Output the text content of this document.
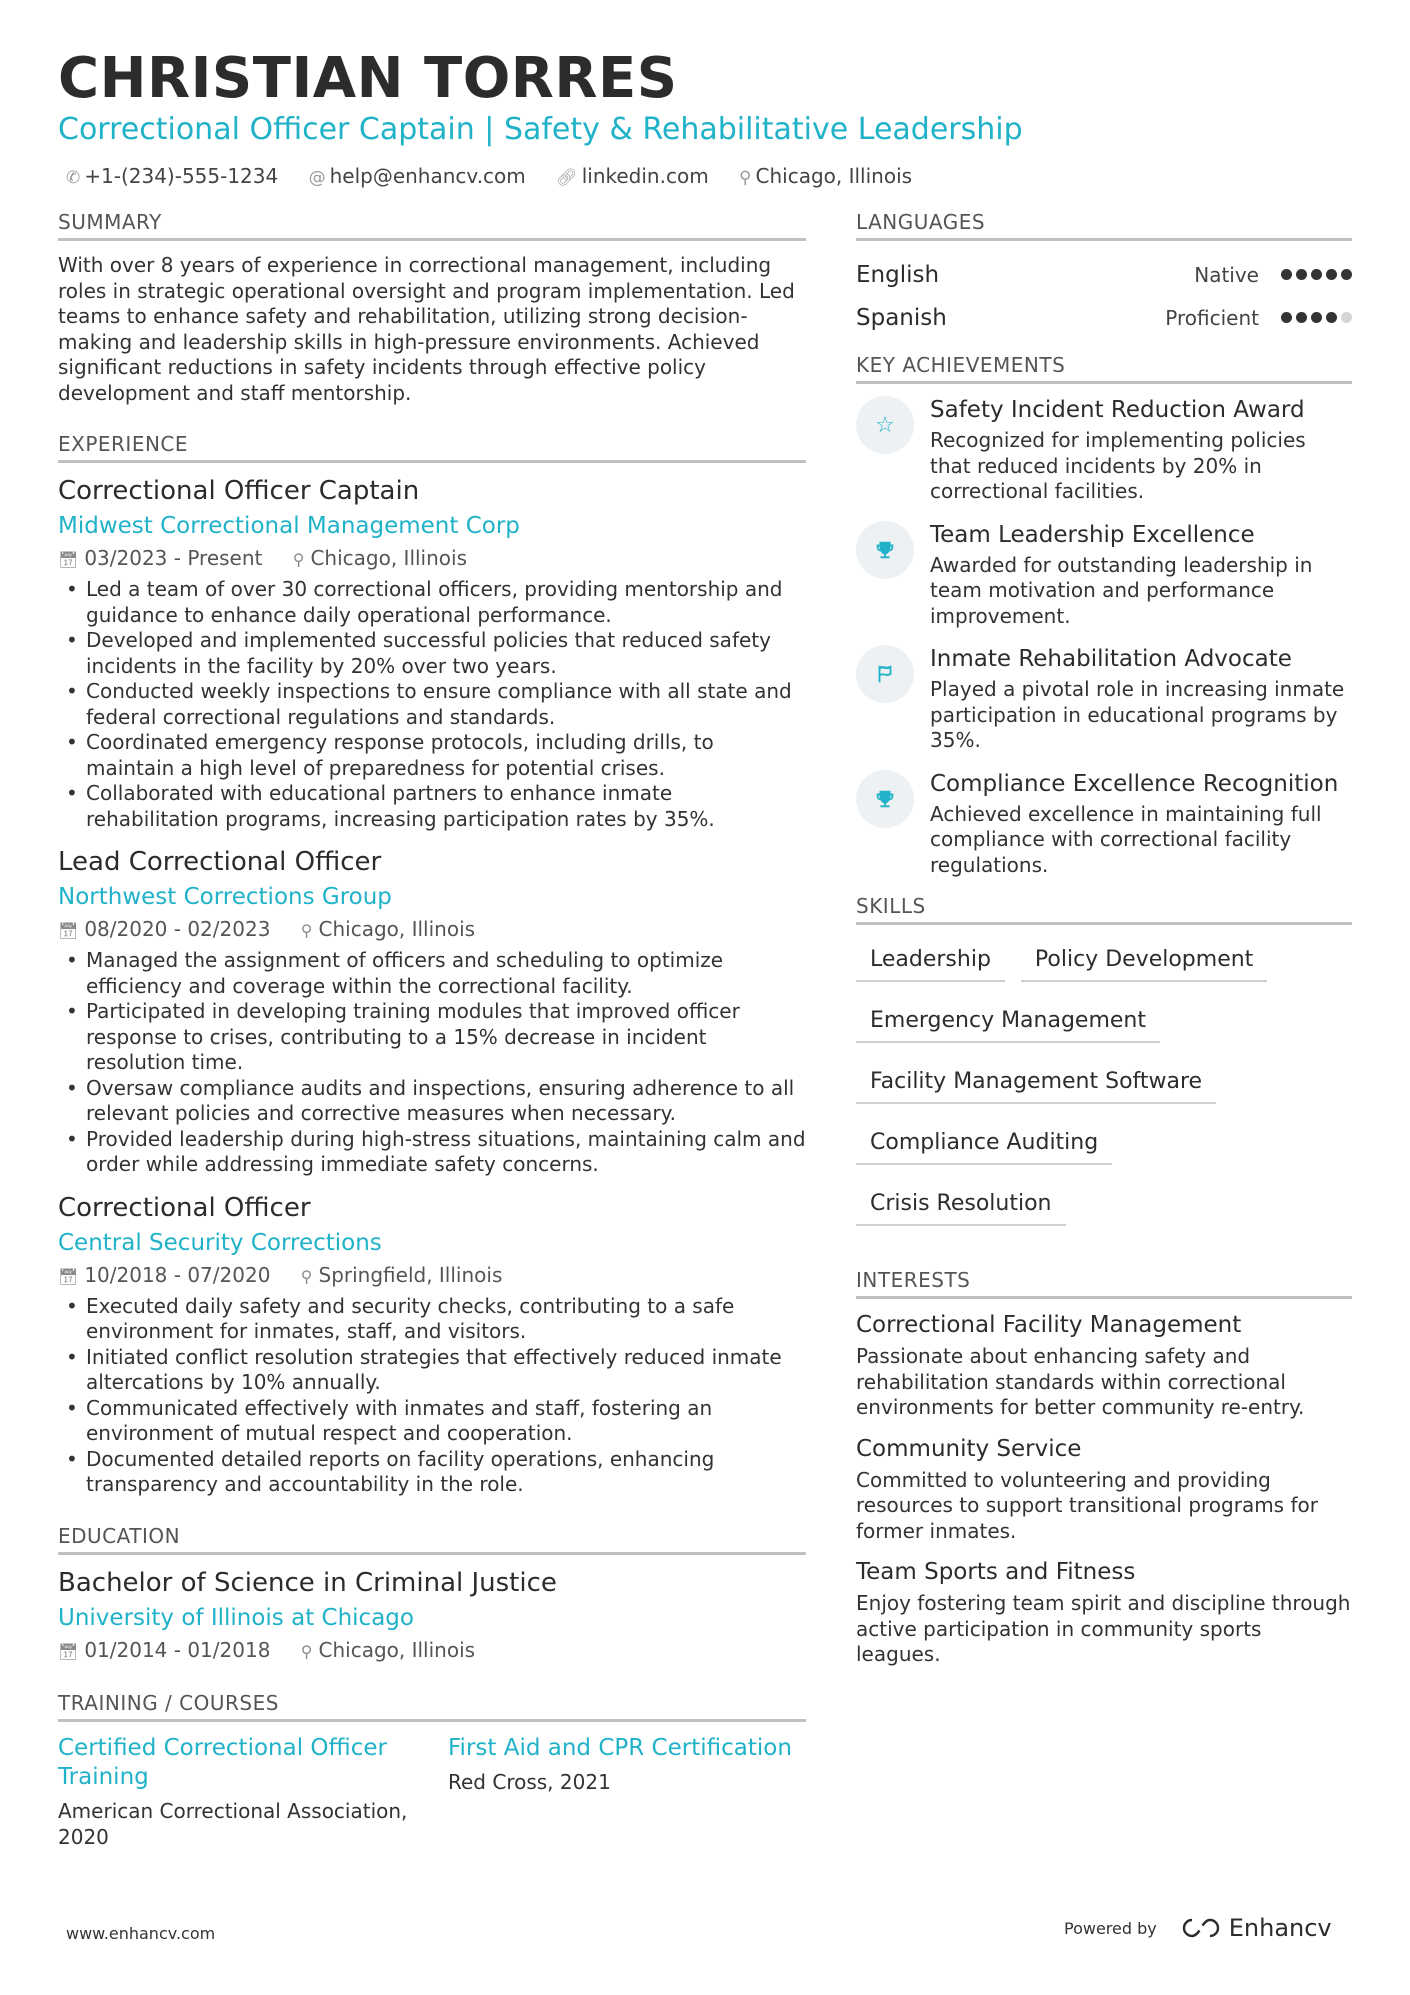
CHRISTIAN TORRES
Correctional Officer Captain | Safety & Rehabilitative Leadership
✆ +1-(234)-555-1234 @ help@enhancv.com 🔗︎ linkedin.com ⚲ Chicago, Illinois
SUMMARY

With over 8 years of experience in correctional management, including roles in strategic operational oversight and program implementation. Led teams to enhance safety and rehabilitation, utilizing strong decision-making and leadership skills in high-pressure environments. Achieved significant reductions in safety incidents through effective policy development and staff mentorship.

EXPERIENCE
Correctional Officer Captain
Midwest Correctional Management Corp
📅︎ 03/2023 - Present ⚲ Chicago, Illinois
• Led a team of over 30 correctional officers, providing mentorship and guidance to enhance daily operational performance.
• Developed and implemented successful policies that reduced safety incidents in the facility by 20% over two years.
• Conducted weekly inspections to ensure compliance with all state and federal correctional regulations and standards.
• Coordinated emergency response protocols, including drills, to maintain a high level of preparedness for potential crises.
• Collaborated with educational partners to enhance inmate rehabilitation programs, increasing participation rates by 35%.
Lead Correctional Officer
Northwest Corrections Group
📅︎ 08/2020 - 02/2023 ⚲ Chicago, Illinois
• Managed the assignment of officers and scheduling to optimize efficiency and coverage within the correctional facility.
• Participated in developing training modules that improved officer response to crises, contributing to a 15% decrease in incident resolution time.
• Oversaw compliance audits and inspections, ensuring adherence to all relevant policies and corrective measures when necessary.
• Provided leadership during high-stress situations, maintaining calm and order while addressing immediate safety concerns.
Correctional Officer
Central Security Corrections
📅︎ 10/2018 - 07/2020 ⚲ Springfield, Illinois
• Executed daily safety and security checks, contributing to a safe environment for inmates, staff, and visitors.
• Initiated conflict resolution strategies that effectively reduced inmate altercations by 10% annually.
• Communicated effectively with inmates and staff, fostering an environment of mutual respect and cooperation.
• Documented detailed reports on facility operations, enhancing transparency and accountability in the role.
EDUCATION
Bachelor of Science in Criminal Justice
University of Illinois at Chicago
📅︎ 01/2014 - 01/2018 ⚲ Chicago, Illinois
TRAINING / COURSES
Certified Correctional Officer Training
American Correctional Association, 2020
First Aid and CPR Certification
Red Cross, 2021
LANGUAGES
English	Native
Spanish	Proficient
KEY ACHIEVEMENTS
☆
Safety Incident Reduction Award
Recognized for implementing policies that reduced incidents by 20% in correctional facilities.
Team Leadership Excellence
Awarded for outstanding leadership in team motivation and performance improvement.
Inmate Rehabilitation Advocate
Played a pivotal role in increasing inmate participation in educational programs by 35%.
Compliance Excellence Recognition
Achieved excellence in maintaining full compliance with correctional facility regulations.
SKILLS
Leadership	Policy Development
Emergency Management
Facility Management Software
Compliance Auditing
Crisis Resolution
INTERESTS
Correctional Facility Management
Passionate about enhancing safety and rehabilitation standards within correctional environments for better community re-entry.
Community Service
Committed to volunteering and providing resources to support transitional programs for former inmates.
Team Sports and Fitness
Enjoy fostering team spirit and discipline through active participation in community sports leagues.
www.enhancv.com	Powered by	Enhancv
